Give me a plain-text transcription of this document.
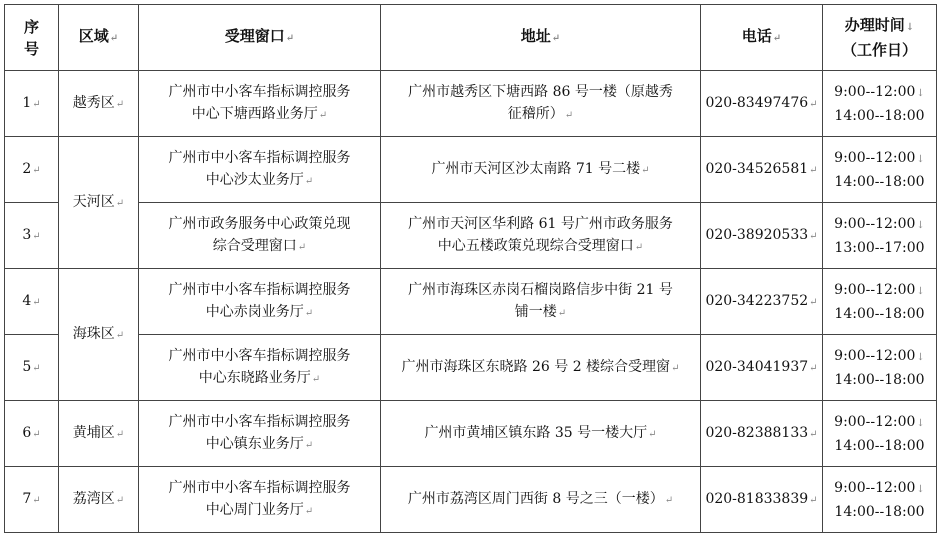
序
号	区域↵	受理窗口↵	地址↵	电话↵	办理时间↓
（工作日）

1↵	越秀区↵	广州市中小客车指标调控服务
中心下塘西路业务厅↵	广州市越秀区下塘西路 86 号一楼（原越秀
征稽所）↵	020-83497476↵	9:00--12:00↓
14:00--18:00

2↵	天河区↵	广州市中小客车指标调控服务
中心沙太业务厅↵	广州市天河区沙太南路 71 号二楼↵	020-34526581↵	9:00--12:00↓
14:00--18:00

3↵		广州市政务服务中心政策兑现
综合受理窗口↵	广州市天河区华利路 61 号广州市政务服务
中心五楼政策兑现综合受理窗口↵	020-38920533↵	9:00--12:00↓
13:00--17:00

4↵	海珠区↵	广州市中小客车指标调控服务
中心赤岗业务厅↵	广州市海珠区赤岗石榴岗路信步中街 21 号
铺一楼↵	020-34223752↵	9:00--12:00↓
14:00--18:00

5↵		广州市中小客车指标调控服务
中心东晓路业务厅↵	广州市海珠区东晓路 26 号 2 楼综合受理窗↵	020-34041937↵	9:00--12:00↓
14:00--18:00

6↵	黄埔区↵	广州市中小客车指标调控服务
中心镇东业务厅↵	广州市黄埔区镇东路 35 号一楼大厅↵	020-82388133↵	9:00--12:00↓
14:00--18:00

7↵	荔湾区↵	广州市中小客车指标调控服务
中心周门业务厅↵	广州市荔湾区周门西街 8 号之三（一楼）↵	020-81833839↵	9:00--12:00↓
14:00--18:00
